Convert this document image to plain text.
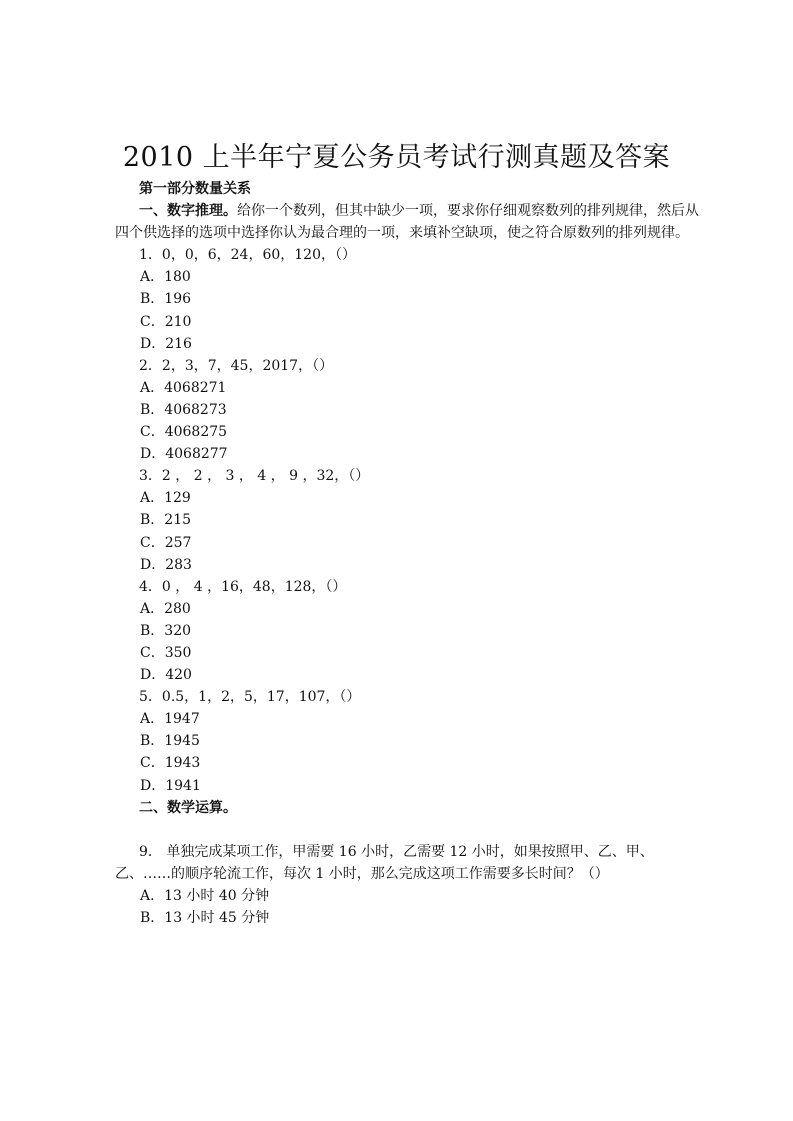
2010 上半年宁夏公务员考试行测真题及答案
第一部分数量关系
一、数字推理。给你一个数列，但其中缺少一项，要求你仔细观察数列的排列规律，然后从四个供选择的选项中选择你认为最合理的一项，来填补空缺项，使之符合原数列的排列规律。
1．0，0，6，24，60，120，（）
A．180
B．196
C．210
D．216
2．2，3，7，45，2017，（）
A．4068271
B．4068273
C．4068275
D．4068277
3．2 ， 2 ， 3 ， 4 ， 9 ，32，（）
A．129
B．215
C．257
D．283
4．0 ， 4 ，16，48，128，（）
A．280
B．320
C．350
D．420
5．0.5，1，2，5，17，107，（）
A．1947
B．1945
C．1943
D．1941
二、数学运算。
9． 单独完成某项工作，甲需要 16 小时，乙需要 12 小时，如果按照甲、乙、甲、乙、……的顺序轮流工作，每次 1 小时，那么完成这项工作需要多长时间？（）
A．13 小时 40 分钟
B．13 小时 45 分钟
